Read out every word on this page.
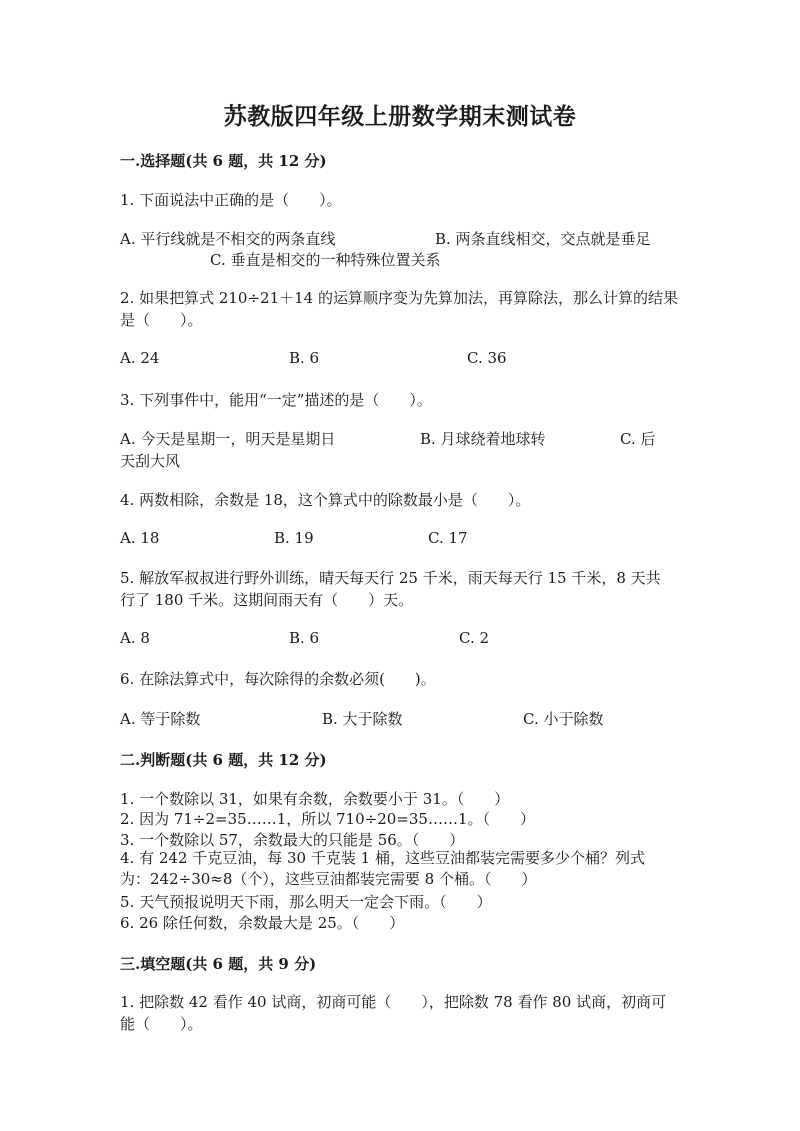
苏教版四年级上册数学期末测试卷
一.选择题(共 6 题，共 12 分)
1. 下面说法中正确的是（　　）。
A. 平行线就是不相交的两条直线	B. 两条直线相交，交点就是垂足
C. 垂直是相交的一种特殊位置关系
2. 如果把算式 210÷21＋14 的运算顺序变为先算加法，再算除法，那么计算的结果是（　　）。
A. 24	B. 6	C. 36
3. 下列事件中，能用“一定”描述的是（　　）。
A. 今天是星期一，明天是星期日	B. 月球绕着地球转	C. 后天刮大风
4. 两数相除，余数是 18，这个算式中的除数最小是（　　）。
A. 18	B. 19	C. 17
5. 解放军叔叔进行野外训练，晴天每天行 25 千米，雨天每天行 15 千米，8 天共行了 180 千米。这期间雨天有（　　）天。
A. 8	B. 6	C. 2
6. 在除法算式中，每次除得的余数必须(　　)。
A. 等于除数	B. 大于除数	C. 小于除数
二.判断题(共 6 题，共 12 分)
1. 一个数除以 31，如果有余数，余数要小于 31。（　　）
2. 因为 71÷2=35……1，所以 710÷20=35……1。（　　）
3. 一个数除以 57，余数最大的只能是 56。（　　）
4. 有 242 千克豆油，每 30 千克装 1 桶，这些豆油都装完需要多少个桶？列式为：242÷30≈8（个），这些豆油都装完需要 8 个桶。（　　）
5. 天气预报说明天下雨，那么明天一定会下雨。（　　）
6. 26 除任何数，余数最大是 25。（　　）
三.填空题(共 6 题，共 9 分)
1. 把除数 42 看作 40 试商，初商可能（　　），把除数 78 看作 80 试商，初商可能（　　）。
